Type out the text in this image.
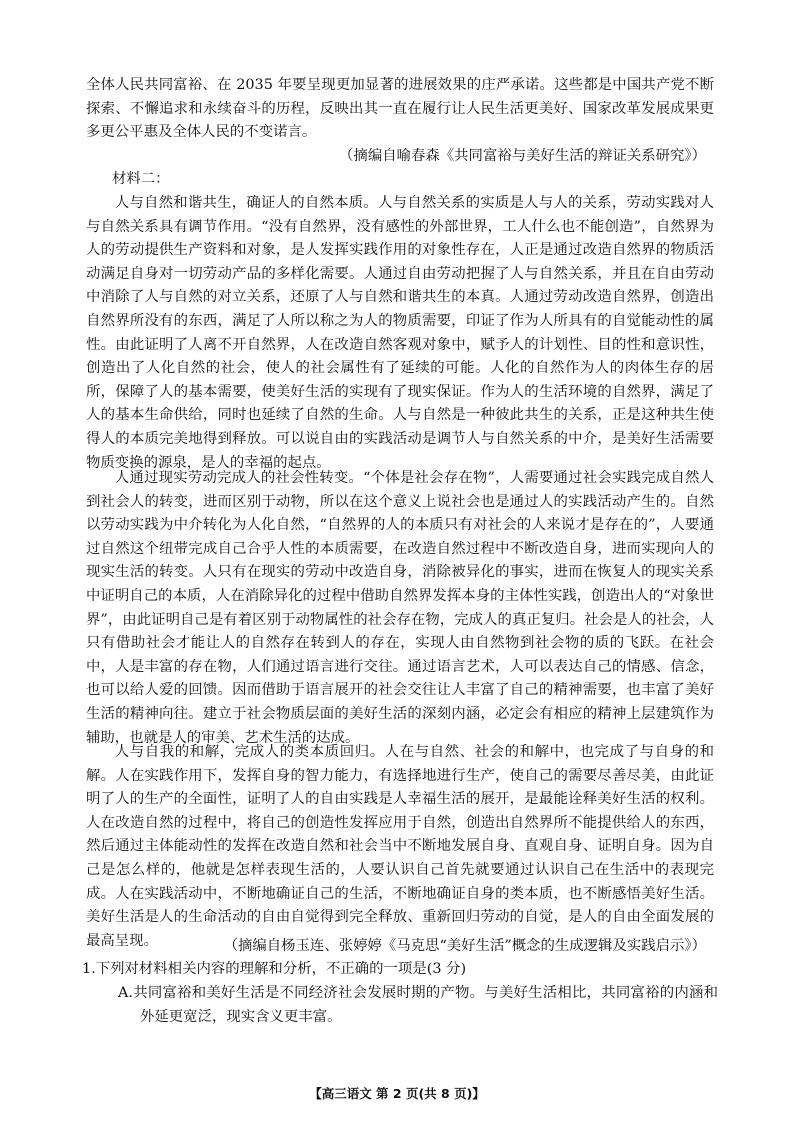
全体人民共同富裕、在 2035 年要呈现更加显著的进展效果的庄严承诺。这些都是中国共产党不断探索、不懈追求和永续奋斗的历程，反映出其一直在履行让人民生活更美好、国家改革发展成果更多更公平惠及全体人民的不变诺言。

（摘编自喻春森《共同富裕与美好生活的辩证关系研究》）

材料二：

人与自然和谐共生，确证人的自然本质。人与自然关系的实质是人与人的关系，劳动实践对人与自然关系具有调节作用。“没有自然界，没有感性的外部世界，工人什么也不能创造”，自然界为人的劳动提供生产资料和对象，是人发挥实践作用的对象性存在，人正是通过改造自然界的物质活动满足自身对一切劳动产品的多样化需要。人通过自由劳动把握了人与自然关系，并且在自由劳动中消除了人与自然的对立关系，还原了人与自然和谐共生的本真。人通过劳动改造自然界，创造出自然界所没有的东西，满足了人所以称之为人的物质需要，印证了作为人所具有的自觉能动性的属性。由此证明了人离不开自然界，人在改造自然客观对象中，赋予人的计划性、目的性和意识性，创造出了人化自然的社会，使人的社会属性有了延续的可能。人化的自然作为人的肉体生存的居所，保障了人的基本需要，使美好生活的实现有了现实保证。作为人的生活环境的自然界，满足了人的基本生命供给，同时也延续了自然的生命。人与自然是一种彼此共生的关系，正是这种共生使得人的本质完美地得到释放。可以说自由的实践活动是调节人与自然关系的中介，是美好生活需要物质变换的源泉，是人的幸福的起点。

人通过现实劳动完成人的社会性转变。“个体是社会存在物”，人需要通过社会实践完成自然人到社会人的转变，进而区别于动物，所以在这个意义上说社会也是通过人的实践活动产生的。自然以劳动实践为中介转化为人化自然，“自然界的人的本质只有对社会的人来说才是存在的”，人要通过自然这个纽带完成自己合乎人性的本质需要，在改造自然过程中不断改造自身，进而实现向人的现实生活的转变。人只有在现实的劳动中改造自身，消除被异化的事实，进而在恢复人的现实关系中证明自己的本质，人在消除异化的过程中借助自然界发挥本身的主体性实践，创造出人的“对象世界”，由此证明自己是有着区别于动物属性的社会存在物，完成人的真正复归。社会是人的社会，人只有借助社会才能让人的自然存在转到人的存在，实现人由自然物到社会物的质的飞跃。在社会中，人是丰富的存在物，人们通过语言进行交往。通过语言艺术，人可以表达自己的情感、信念，也可以给人爱的回馈。因而借助于语言展开的社会交往让人丰富了自己的精神需要，也丰富了美好生活的精神向往。建立于社会物质层面的美好生活的深刻内涵，必定会有相应的精神上层建筑作为辅助，也就是人的审美、艺术生活的达成。

人与自我的和解，完成人的类本质回归。人在与自然、社会的和解中，也完成了与自身的和解。人在实践作用下，发挥自身的智力能力，有选择地进行生产，使自己的需要尽善尽美，由此证明了人的生产的全面性，证明了人的自由实践是人幸福生活的展开，是最能诠释美好生活的权利。人在改造自然的过程中，将自己的创造性发挥应用于自然，创造出自然界所不能提供给人的东西，然后通过主体能动性的发挥在改造自然和社会当中不断地发展自身、直观自身、证明自身。因为自己是怎么样的，他就是怎样表现生活的，人要认识自己首先就要通过认识自己在生活中的表现完成。人在实践活动中，不断地确证自己的生活，不断地确证自身的类本质，也不断感悟美好生活。美好生活是人的生命活动的自由自觉得到完全释放、重新回归劳动的自觉，是人的自由全面发展的最高呈现。	（摘编自杨玉连、张婷婷《马克思“美好生活”概念的生成逻辑及实践启示》）

1.下列对材料相关内容的理解和分析，不正确的一项是(3 分)

A.共同富裕和美好生活是不同经济社会发展时期的产物。与美好生活相比，共同富裕的内涵和外延更宽泛，现实含义更丰富。

【高三语文 第 2 页(共 8 页)】
